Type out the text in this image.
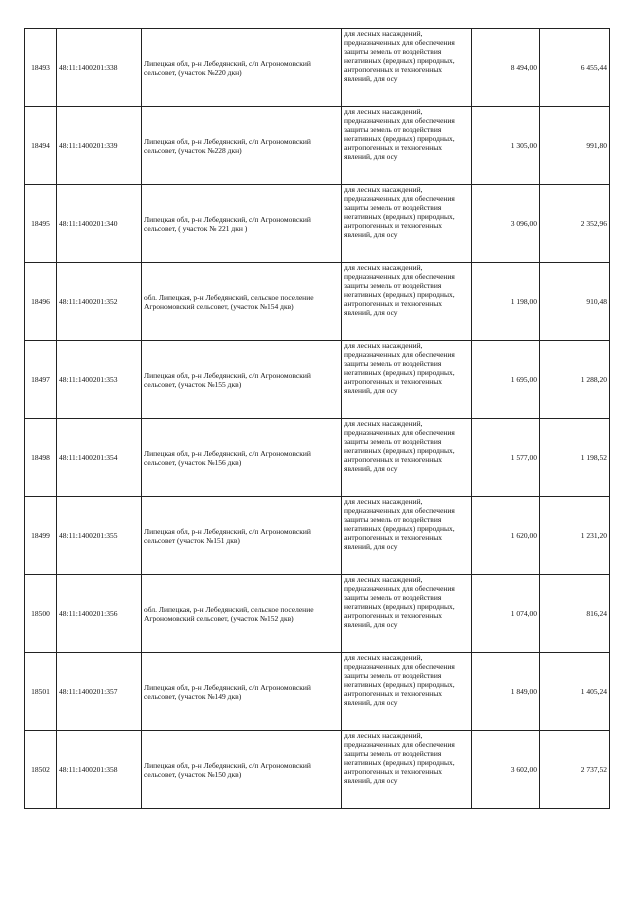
18493	48:11:1400201:338	Липецкая обл, р-н Лебедянский, с/п Агрономовский сельсовет, (участок №220 дкн)	для лесных насаждений, предназначенных для обеспечения защиты земель от воздействия негативных (вредных) природных, антропогенных и техногенных явлений, для осу	8 494,00	6 455,44
18494	48:11:1400201:339	Липецкая обл, р-н Лебедянский, с/п Агрономовский сельсовет, (участок №228 дкн)	для лесных насаждений, предназначенных для обеспечения защиты земель от воздействия негативных (вредных) природных, антропогенных и техногенных явлений, для осу	1 305,00	991,80
18495	48:11:1400201:340	Липецкая обл, р-н Лебедянский, с/п Агрономовский сельсовет, ( участок № 221 дкн )	для лесных насаждений, предназначенных для обеспечения защиты земель от воздействия негативных (вредных) природных, антропогенных и техногенных явлений, для осу	3 096,00	2 352,96
18496	48:11:1400201:352	обл. Липецкая, р-н Лебедянский, сельское поселение Агрономовский сельсовет, (участок №154 дкв)	для лесных насаждений, предназначенных для обеспечения защиты земель от воздействия негативных (вредных) природных, антропогенных и техногенных явлений, для осу	1 198,00	910,48
18497	48:11:1400201:353	Липецкая обл, р-н Лебедянский, с/п Агрономовский сельсовет, (участок №155 дкв)	для лесных насаждений, предназначенных для обеспечения защиты земель от воздействия негативных (вредных) природных, антропогенных и техногенных явлений, для осу	1 695,00	1 288,20
18498	48:11:1400201:354	Липецкая обл, р-н Лебедянский, с/п Агрономовский сельсовет, (участок №156 дкв)	для лесных насаждений, предназначенных для обеспечения защиты земель от воздействия негативных (вредных) природных, антропогенных и техногенных явлений, для осу	1 577,00	1 198,52
18499	48:11:1400201:355	Липецкая обл, р-н Лебедянский, с/п Агрономовский сельсовет (участок №151 дкв)	для лесных насаждений, предназначенных для обеспечения защиты земель от воздействия негативных (вредных) природных, антропогенных и техногенных явлений, для осу	1 620,00	1 231,20
18500	48:11:1400201:356	обл. Липецкая, р-н Лебедянский, сельское поселение Агрономовский сельсовет, (участок №152 дкв)	для лесных насаждений, предназначенных для обеспечения защиты земель от воздействия негативных (вредных) природных, антропогенных и техногенных явлений, для осу	1 074,00	816,24
18501	48:11:1400201:357	Липецкая обл, р-н Лебедянский, с/п Агрономовский сельсовет, (участок №149 дкв)	для лесных насаждений, предназначенных для обеспечения защиты земель от воздействия негативных (вредных) природных, антропогенных и техногенных явлений, для осу	1 849,00	1 405,24
18502	48:11:1400201:358	Липецкая обл, р-н Лебедянский, с/п Агрономовский сельсовет, (участок №150 дкв)	для лесных насаждений, предназначенных для обеспечения защиты земель от воздействия негативных (вредных) природных, антропогенных и техногенных явлений, для осу	3 602,00	2 737,52
